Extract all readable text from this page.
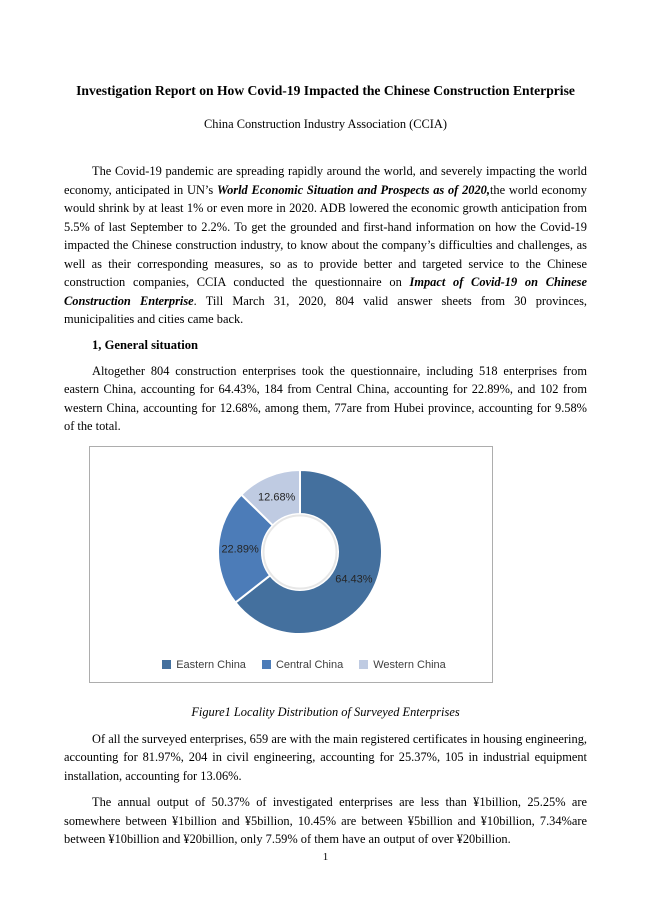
Investigation Report on How Covid-19 Impacted the Chinese Construction Enterprise
China Construction Industry Association (CCIA)

The Covid-19 pandemic are spreading rapidly around the world, and severely impacting the world economy, anticipated in UN’s World Economic Situation and Prospects as of 2020,the world economy would shrink by at least 1% or even more in 2020. ADB lowered the economic growth anticipation from 5.5% of last September to 2.2%. To get the grounded and first-hand information on how the Covid-19 impacted the Chinese construction industry, to know about the company’s difficulties and challenges, as well as their corresponding measures, so as to provide better and targeted service to the Chinese construction companies, CCIA conducted the questionnaire on Impact of Covid-19 on Chinese Construction Enterprise. Till March 31, 2020, 804 valid answer sheets from 30 provinces, municipalities and cities came back.

1, General situation

Altogether 804 construction enterprises took the questionnaire, including 518 enterprises from eastern China, accounting for 64.43%, 184 from Central China, accounting for 22.89%, and 102 from western China, accounting for 12.68%, among them, 77are from Hubei province, accounting for 9.58% of the total.

64.43%
22.89%
12.68%
Eastern China	Central China	Western China
Figure1 Locality Distribution of Surveyed Enterprises

Of all the surveyed enterprises, 659 are with the main registered certificates in housing engineering, accounting for 81.97%, 204 in civil engineering, accounting for 25.37%, 105 in industrial equipment installation, accounting for 13.06%.

The annual output of 50.37% of investigated enterprises are less than ¥1billion, 25.25% are somewhere between ¥1billion and ¥5billion, 10.45% are between ¥5billion and ¥10billion, 7.34%are between ¥10billion and ¥20billion, only 7.59% of them have an output of over ¥20billion.

1
